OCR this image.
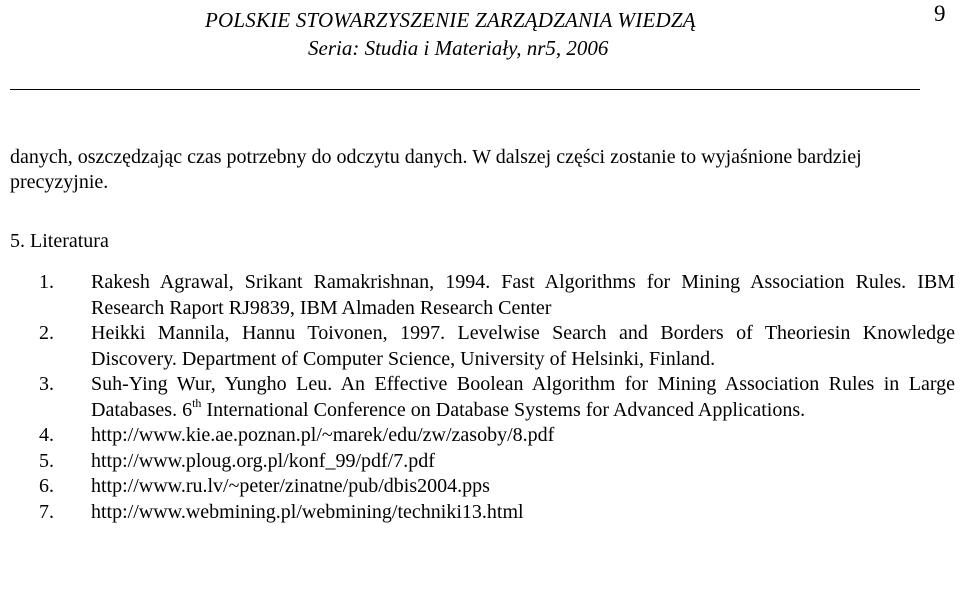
POLSKIE STOWARZYSZENIE ZARZĄDZANIA WIEDZĄ
Seria: Studia i Materiały, nr5, 2006
9
danych, oszczędzając czas potrzebny do odczytu danych. W dalszej części zostanie to wyjaśnione bardziej precyzyjnie.
5. Literatura
1. Rakesh Agrawal, Srikant Ramakrishnan, 1994. Fast Algorithms for Mining Association Rules. IBM Research Raport RJ9839, IBM Almaden Research Center
2. Heikki Mannila, Hannu Toivonen, 1997. Levelwise Search and Borders of Theoriesin Knowledge Discovery. Department of Computer Science, University of Helsinki, Finland.
3. Suh-Ying Wur, Yungho Leu. An Effective Boolean Algorithm for Mining Association Rules in Large Databases. 6th International Conference on Database Systems for Advanced Applications.
4. http://www.kie.ae.poznan.pl/~marek/edu/zw/zasoby/8.pdf
5. http://www.ploug.org.pl/konf_99/pdf/7.pdf
6. http://www.ru.lv/~peter/zinatne/pub/dbis2004.pps
7. http://www.webmining.pl/webmining/techniki13.html
